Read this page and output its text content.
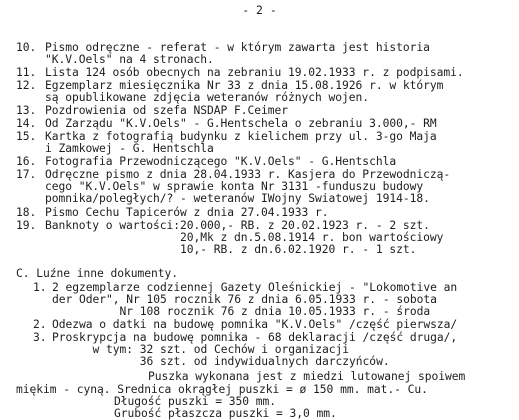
- 2 -
10. Pismo odręczne - referat - w którym zawarta jest historia
"K.V.Oels" na 4 stronach.
11. Lista 124 osób obecnych na zebraniu 19.02.1933 r. z podpisami.
12. Egzemplarz miesięcznika Nr 33 z dnia 15.08.1926 r. w którym
są opublikowane zdjęcia weteranów różnych wojen.
13. Pozdrowienia od szefa NSDAP F.Ceimer
14. Od Zarządu "K.V.Oels" - G.Hentschela o zebraniu 3.000,- RM
15. Kartka z fotografią budynku z kielichem przy ul. 3-go Maja
i Zamkowej - G. Hentschla
16. Fotografia Przewodniczącego "K.V.Oels" - G.Hentschla
17. Odręczne pismo z dnia 28.04.1933 r. Kasjera do Przewodniczą-
cego "K.V.Oels" w sprawie konta Nr 3131 -funduszu budowy
pomnika/poległych/? - weteranów IWojny Swiatowej 1914-18.
18. Pismo Cechu Tapicerów z dnia 27.04.1933 r.
19. Banknoty o wartości:20.000,- RB. z 20.02.1923 r. - 2 szt.
20,Mk z dn.5.08.1914 r. bon wartościowy
10,- RB. z dn.6.02.1920 r. - 1 szt.
C. Luźne inne dokumenty.
1. 2 egzemplarze codziennej Gazety Oleśnickiej - "Lokomotive an
der Oder", Nr 105 rocznik 76 z dnia 6.05.1933 r. - sobota
Nr 108 rocznik 76 z dnia 10.05.1933 r. - środa
2. Odezwa o datki na budowę pomnika "K.V.Oels" /część pierwsza/
3. Proskrypcja na budowę pomnika - 68 deklaracji /część druga/,
w tym: 32 szt. od Cechów i organizacji
36 szt. od indywidualnych darczyńców.
Puszka wykonana jest z miedzi lutowanej spoiwem
miękim - cyną. Srednica okrągłej puszki = ø 150 mm. mat.- Cu.
Długość puszki = 350 mm.
Grubość płaszcza puszki = 3,0 mm.
